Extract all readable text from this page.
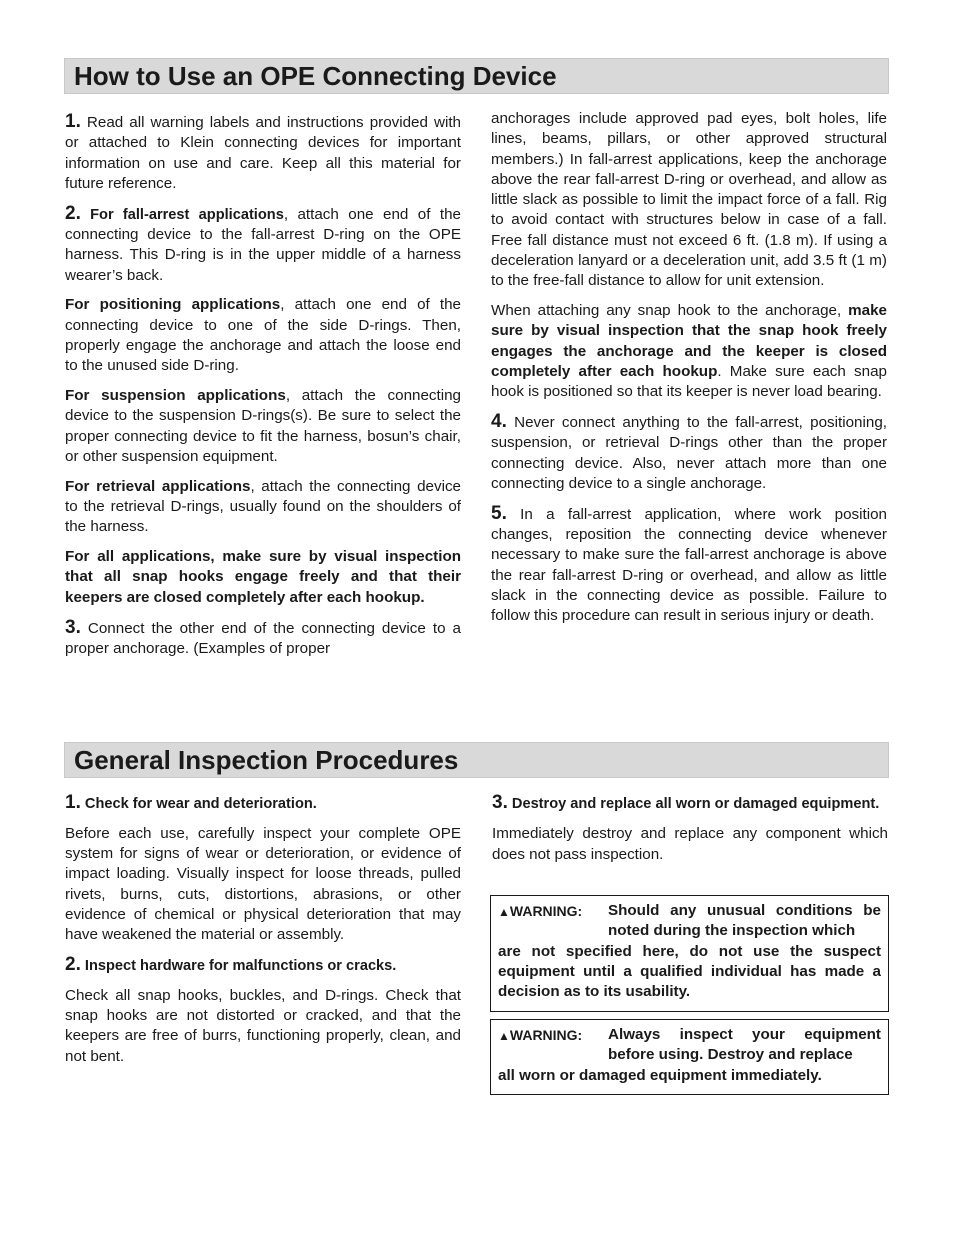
How to Use an OPE Connecting Device

1. Read all warning labels and instructions provided with or attached to Klein connecting devices for important information on use and care. Keep all this material for future reference.

2. For fall-arrest applications, attach one end of the connecting device to the fall-arrest D-ring on the OPE harness. This D-ring is in the upper middle of a harness wearer’s back.

For positioning applications, attach one end of the connecting device to one of the side D-rings. Then, properly engage the anchorage and attach the loose end to the unused side D-ring.

For suspension applications, attach the connecting device to the suspension D-rings(s). Be sure to select the proper connecting device to fit the harness, bosun’s chair, or other suspension equipment.

For retrieval applications, attach the connecting device to the retrieval D-rings, usually found on the shoulders of the harness.

For all applications, make sure by visual inspection that all snap hooks engage freely and that their keepers are closed completely after each hookup.

3. Connect the other end of the connecting device to a proper anchorage. (Examples of proper

anchorages include approved pad eyes, bolt holes, life lines, beams, pillars, or other approved structural members.) In fall-arrest applications, keep the anchorage above the rear fall-arrest D-ring or overhead, and allow as little slack as possible to limit the impact force of a fall. Rig to avoid contact with structures below in case of a fall. Free fall distance must not exceed 6 ft. (1.8 m). If using a deceleration lanyard or a deceleration unit, add 3.5 ft (1 m) to the free-fall distance to allow for unit extension.

When attaching any snap hook to the anchorage, make sure by visual inspection that the snap hook freely engages the anchorage and the keeper is closed completely after each hookup. Make sure each snap hook is positioned so that its keeper is never load bearing.

4. Never connect anything to the fall-arrest, positioning, suspension, or retrieval D-rings other than the proper connecting device. Also, never attach more than one connecting device to a single anchorage.

5. In a fall-arrest application, where work position changes, reposition the connecting device whenever necessary to make sure the fall-arrest anchorage is above the rear fall-arrest D-ring or overhead, and allow as little slack in the connecting device as possible. Failure to follow this procedure can result in serious injury or death.

General Inspection Procedures

1. Check for wear and deterioration.

Before each use, carefully inspect your complete OPE system for signs of wear or deterioration, or evidence of impact loading. Visually inspect for loose threads, pulled rivets, burns, cuts, distortions, abrasions, or other evidence of chemical or physical deterioration that may have weakened the material or assembly.

2. Inspect hardware for malfunctions or cracks.

Check all snap hooks, buckles, and D-rings. Check that snap hooks are not distorted or cracked, and that the keepers are free of burrs, functioning properly, clean, and not bent.

3. Destroy and replace all worn or damaged equipment.

Immediately destroy and replace any component which does not pass inspection.

▲WARNING:	Should any unusual conditions be noted during the inspection which
are not specified here, do not use the suspect equipment until a qualified individual has made a decision as to its usability.

▲WARNING:	Always inspect your equipment before using. Destroy and replace
all worn or damaged equipment immediately.
